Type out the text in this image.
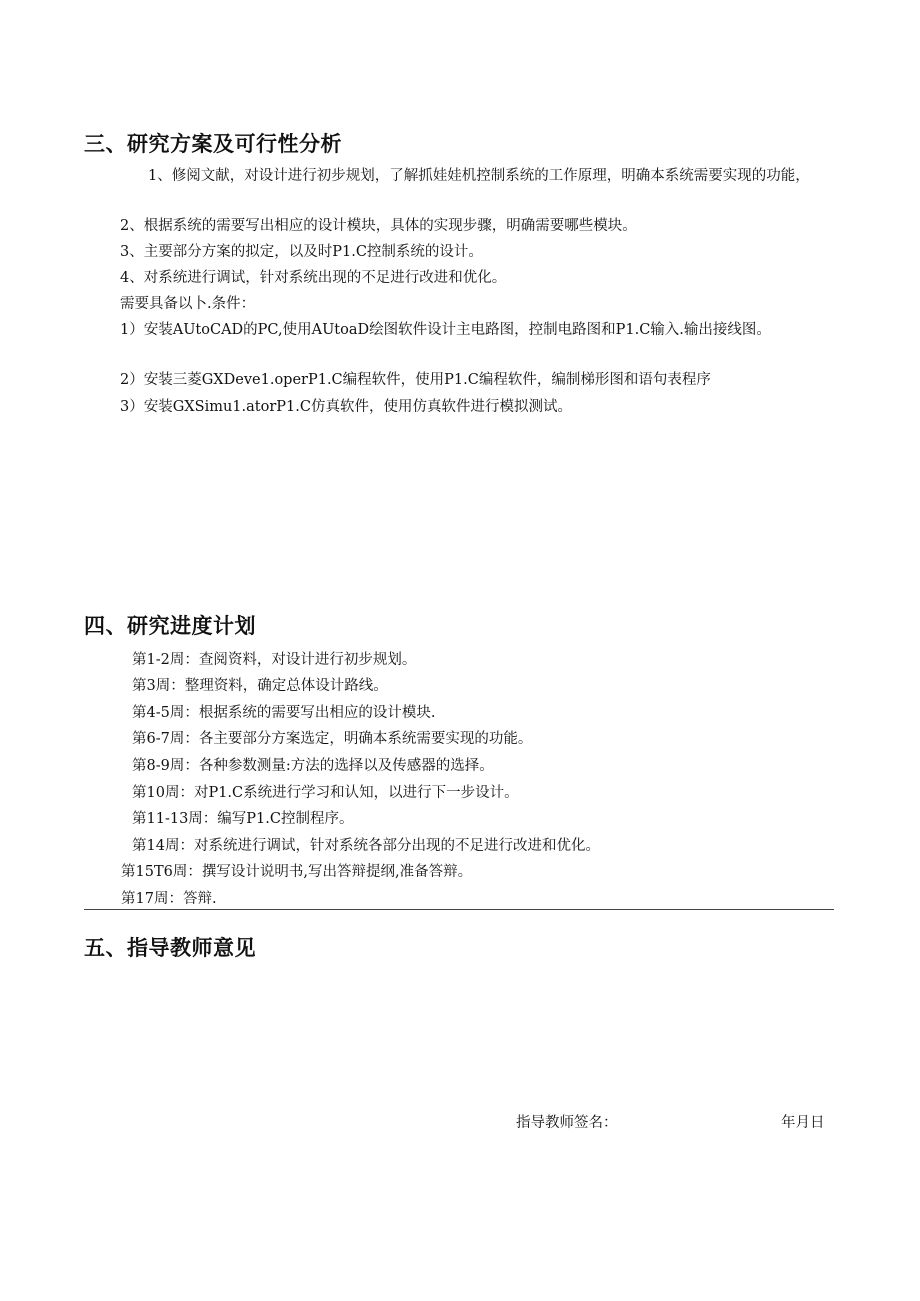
三、研究方案及可行性分析

1、修阅文献，对设计进行初步规划，了解抓娃娃机控制系统的工作原理，明确本系统需要实现的功能，

2、根据系统的需要写出相应的设计模块，具体的实现步骤，明确需要哪些模块。

3、主要部分方案的拟定，以及时P1.C控制系统的设计。

4、对系统进行调试，针对系统出现的不足进行改进和优化。

需要具备以卜.条件：

1）安装AUtoCAD的PC,使用AUtoaD绘图软件设计主电路图，控制电路图和P1.C输入.输出接线图。

2）安装三菱GXDeve1.operP1.C编程软件，使用P1.C编程软件，编制梯形图和语句表程序

3）安装GXSimu1.atorP1.C仿真软件，使用仿真软件进行模拟测试。

四、研究进度计划

第1-2周：查阅资料，对设计进行初步规划。

第3周：整理资料，确定总体设计路线。

第4-5周：根据系统的需要写出相应的设计模块.

第6-7周：各主要部分方案选定，明确本系统需要实现的功能。

第8-9周：各种参数测量:方法的选择以及传感器的选择。

第10周：对P1.C系统进行学习和认知，以进行下一步设计。

第11-13周：编写P1.C控制程序。

第14周：对系统进行调试，针对系统各部分出现的不足进行改进和优化。

第15T6周：撰写设计说明书,写出答辩提纲,准备答辩。

第17周：答辩.

五、指导教师意见

指导教师签名：	年月日
